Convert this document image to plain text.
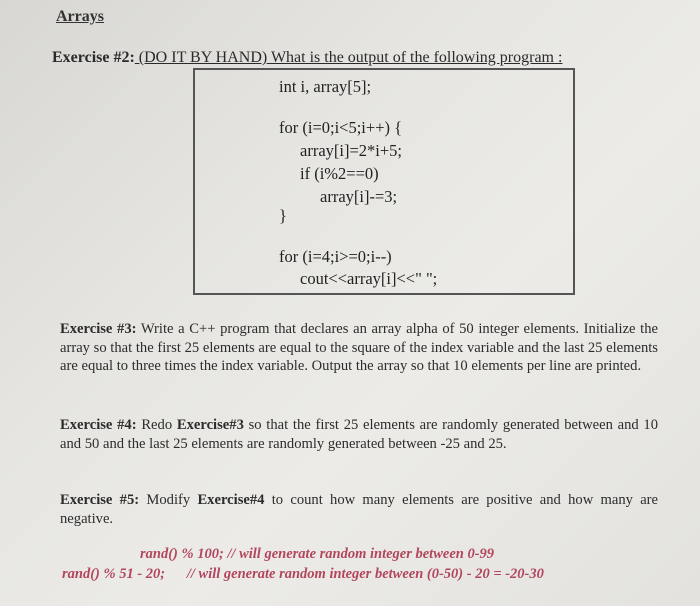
Arrays
Exercise #2: (DO IT BY HAND) What is the output of the following program :
int i, array[5];
for (i=0;i<5;i++) {
array[i]=2*i+5;
if (i%2==0)
array[i]-=3;
}
for (i=4;i>=0;i--)
cout<<array[i]<<" ";
Exercise #3: Write a C++ program that declares an array alpha of 50 integer elements. Initialize the array so that the first 25 elements are equal to the square of the index variable and the last 25 elements are equal to three times the index variable. Output the array so that 10 elements per line are printed.
Exercise #4: Redo Exercise#3 so that the first 25 elements are randomly generated between and 10 and 50 and the last 25 elements are randomly generated between -25 and 25.
Exercise #5: Modify Exercise#4 to count how many elements are positive and how many are negative.
rand() % 100; // will generate random integer between 0-99
rand() % 51 - 20;      // will generate random integer between (0-50) - 20 = -20-30
